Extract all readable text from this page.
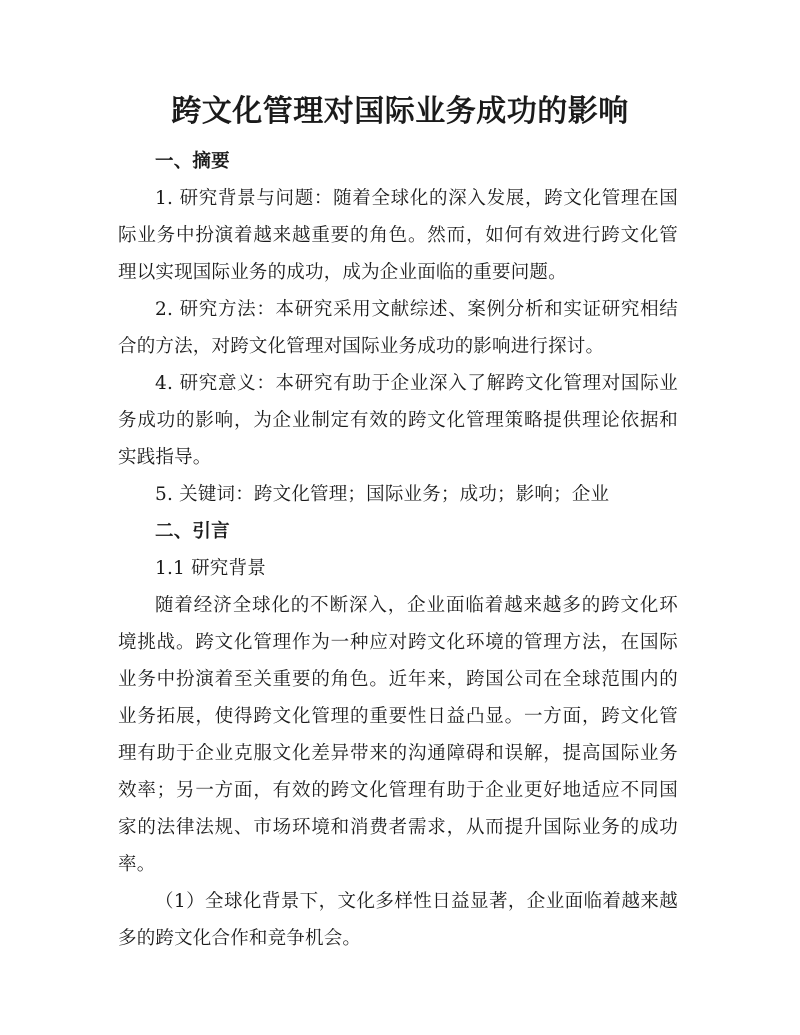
跨文化管理对国际业务成功的影响

一、摘要

1. 研究背景与问题：随着全球化的深入发展，跨文化管理在国际业务中扮演着越来越重要的角色。然而，如何有效进行跨文化管理以实现国际业务的成功，成为企业面临的重要问题。

2. 研究方法：本研究采用文献综述、案例分析和实证研究相结合的方法，对跨文化管理对国际业务成功的影响进行探讨。

4. 研究意义：本研究有助于企业深入了解跨文化管理对国际业务成功的影响，为企业制定有效的跨文化管理策略提供理论依据和实践指导。

5. 关键词：跨文化管理；国际业务；成功；影响；企业

二、引言

1.1 研究背景

随着经济全球化的不断深入，企业面临着越来越多的跨文化环境挑战。跨文化管理作为一种应对跨文化环境的管理方法，在国际业务中扮演着至关重要的角色。近年来，跨国公司在全球范围内的业务拓展，使得跨文化管理的重要性日益凸显。一方面，跨文化管理有助于企业克服文化差异带来的沟通障碍和误解，提高国际业务效率；另一方面，有效的跨文化管理有助于企业更好地适应不同国家的法律法规、市场环境和消费者需求，从而提升国际业务的成功率。

（1）全球化背景下，文化多样性日益显著，企业面临着越来越多的跨文化合作和竞争机会。
